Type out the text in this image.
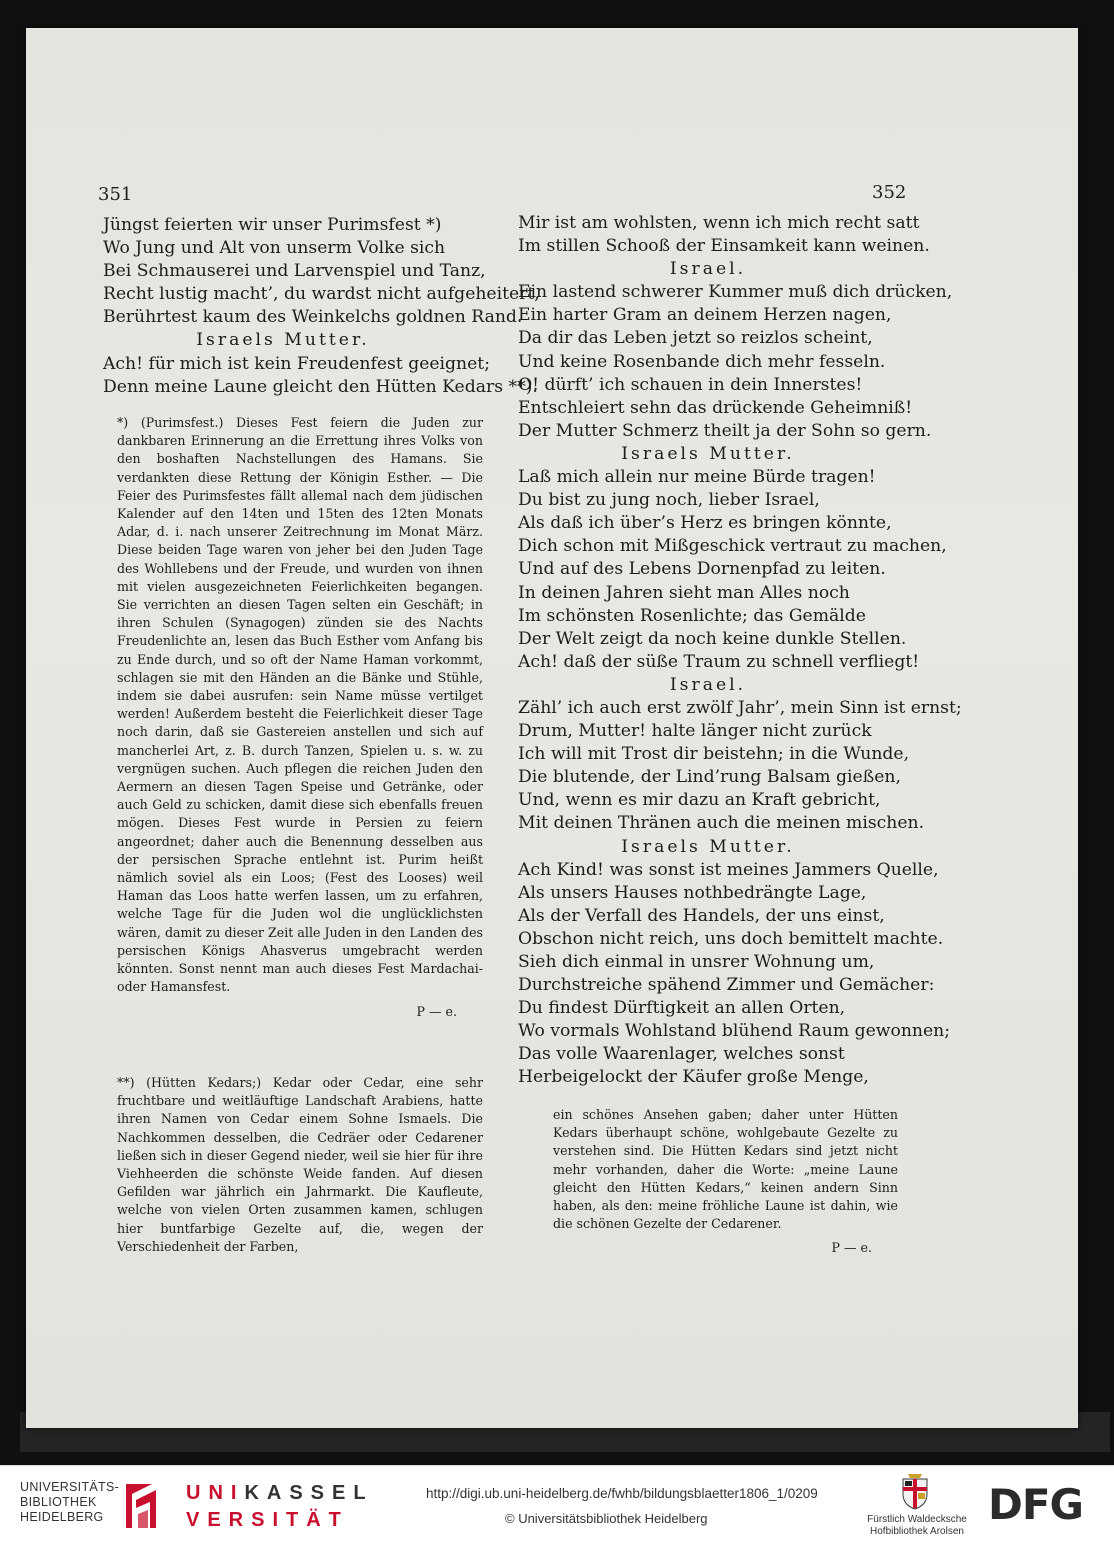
351	352
Jüngst feierten wir unser Purimsfest *)
Wo Jung und Alt von unserm Volke sich
Bei Schmauserei und Larvenspiel und Tanz,
Recht lustig macht’, du wardst nicht aufgeheitert,
Berührtest kaum des Weinkelchs goldnen Rand.
Israels Mutter.
Ach! für mich ist kein Freudenfest geeignet;
Denn meine Laune gleicht den Hütten Kedars **).

*) (Purimsfest.) Dieses Fest feiern die Juden zur dankbaren Erinnerung an die Errettung ihres Volks von den boshaften Nachstellungen des Hamans. Sie verdankten diese Rettung der Königin Esther. — Die Feier des Purimsfestes fällt allemal nach dem jüdischen Kalender auf den 14ten und 15ten des 12ten Monats Adar, d. i. nach unserer Zeitrechnung im Monat März. Diese beiden Tage waren von jeher bei den Juden Tage des Wohllebens und der Freude, und wurden von ihnen mit vielen ausgezeichneten Feierlichkeiten begangen. Sie verrichten an diesen Tagen selten ein Geschäft; in ihren Schulen (Synagogen) zünden sie des Nachts Freudenlichte an, lesen das Buch Esther vom Anfang bis zu Ende durch, und so oft der Name Haman vorkommt, schlagen sie mit den Händen an die Bänke und Stühle, indem sie dabei ausrufen: sein Name müsse vertilget werden! Außerdem besteht die Feierlichkeit dieser Tage noch darin, daß sie Gastereien anstellen und sich auf mancherlei Art, z. B. durch Tanzen, Spielen u. s. w. zu vergnügen suchen. Auch pflegen die reichen Juden den Aermern an diesen Tagen Speise und Getränke, oder auch Geld zu schicken, damit diese sich ebenfalls freuen mögen. Dieses Fest wurde in Persien zu feiern angeordnet; daher auch die Benennung desselben aus der persischen Sprache entlehnt ist. Purim heißt nämlich soviel als ein Loos; (Fest des Looses) weil Haman das Loos hatte werfen lassen, um zu erfahren, welche Tage für die Juden wol die unglücklichsten wären, damit zu dieser Zeit alle Juden in den Landen des persischen Königs Ahasverus umgebracht werden könnten. Sonst nennt man auch dieses Fest Mardachai- oder Hamansfest.

P — e.

**) (Hütten Kedars;) Kedar oder Cedar, eine sehr fruchtbare und weitläuftige Landschaft Arabiens, hatte ihren Namen von Cedar einem Sohne Ismaels. Die Nachkommen desselben, die Cedräer oder Cedarener ließen sich in dieser Gegend nieder, weil sie hier für ihre Viehheerden die schönste Weide fanden. Auf diesen Gefilden war jährlich ein Jahrmarkt. Die Kaufleute, welche von vielen Orten zusammen kamen, schlugen hier buntfarbige Gezelte auf, die, wegen der Verschiedenheit der Farben,

Mir ist am wohlsten, wenn ich mich recht satt
Im stillen Schooß der Einsamkeit kann weinen.
Israel.
Ein lastend schwerer Kummer muß dich drücken,
Ein harter Gram an deinem Herzen nagen,
Da dir das Leben jetzt so reizlos scheint,
Und keine Rosenbande dich mehr fesseln.
O! dürft’ ich schauen in dein Innerstes!
Entschleiert sehn das drückende Geheimniß!
Der Mutter Schmerz theilt ja der Sohn so gern.
Israels Mutter.
Laß mich allein nur meine Bürde tragen!
Du bist zu jung noch, lieber Israel,
Als daß ich über’s Herz es bringen könnte,
Dich schon mit Mißgeschick vertraut zu machen,
Und auf des Lebens Dornenpfad zu leiten.
In deinen Jahren sieht man Alles noch
Im schönsten Rosenlichte; das Gemälde
Der Welt zeigt da noch keine dunkle Stellen.
Ach! daß der süße Traum zu schnell verfliegt!
Israel.
Zähl’ ich auch erst zwölf Jahr’, mein Sinn ist ernst;
Drum, Mutter! halte länger nicht zurück
Ich will mit Trost dir beistehn; in die Wunde,
Die blutende, der Lind’rung Balsam gießen,
Und, wenn es mir dazu an Kraft gebricht,
Mit deinen Thränen auch die meinen mischen.
Israels Mutter.
Ach Kind! was sonst ist meines Jammers Quelle,
Als unsers Hauses nothbedrängte Lage,
Als der Verfall des Handels, der uns einst,
Obschon nicht reich, uns doch bemittelt machte.
Sieh dich einmal in unsrer Wohnung um,
Durchstreiche spähend Zimmer und Gemächer:
Du findest Dürftigkeit an allen Orten,
Wo vormals Wohlstand blühend Raum gewonnen;
Das volle Waarenlager, welches sonst
Herbeigelockt der Käufer große Menge,

ein schönes Ansehen gaben; daher unter Hütten Kedars überhaupt schöne, wohlgebaute Gezelte zu verstehen sind. Die Hütten Kedars sind jetzt nicht mehr vorhanden, daher die Worte: „meine Laune gleicht den Hütten Kedars,“ keinen andern Sinn haben, als den: meine fröhliche Laune ist dahin, wie die schönen Gezelte der Cedarener.

P — e.
UNIVERSITÄTS-
BIBLIOTHEK
HEIDELBERG
UNIKASSEL
VERSITÄT
http://digi.ub.uni-heidelberg.de/fwhb/bildungsblaetter1806_1/0209
© Universitätsbibliothek Heidelberg	Fürstlich Waldecksche
Hofbibliothek Arolsen
DFG
